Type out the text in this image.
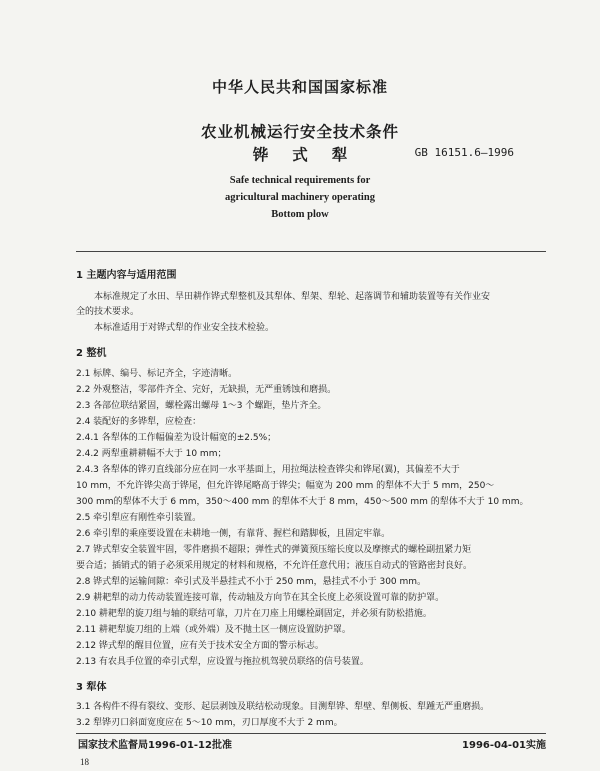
中华人民共和国国家标准
农业机械运行安全技术条件
铧 式 犁	GB 16151.6—1996
Safe technical requirements for
agricultural machinery operating
Bottom plow
1 主题内容与适用范围
本标准规定了水田、旱田耕作铧式犁整机及其犁体、犁架、犁轮、起落调节和辅助装置等有关作业安
全的技术要求。
本标准适用于对铧式犁的作业安全技术检验。
2 整机
2.1 标牌、编号、标记齐全，字迹清晰。
2.2 外观整洁，零部件齐全、完好，无缺损，无严重锈蚀和磨损。
2.3 各部位联结紧固，螺栓露出螺母 1～3 个螺距，垫片齐全。
2.4 装配好的多铧犁，应检查：
2.4.1 各犁体的工作幅偏差为设计幅宽的±2.5%；
2.4.2 两犁重耕耕幅不大于 10 mm；
2.4.3 各犁体的铧刃直线部分应在同一水平基面上，用拉绳法检查铧尖和铧尾(翼)，其偏差不大于
10 mm，不允许铧尖高于铧尾，但允许铧尾略高于铧尖；幅宽为 200 mm 的犁体不大于 5 mm，250～
300 mm的犁体不大于 6 mm，350～400 mm 的犁体不大于 8 mm，450～500 mm 的犁体不大于 10 mm。
2.5 牵引犁应有刚性牵引装置。
2.6 牵引犁的乘座要设置在未耕地一侧，有靠背、握栏和踏脚板，且固定牢靠。
2.7 铧式犁安全装置牢固，零件磨损不超限；弹性式的弹簧预压缩长度以及摩擦式的螺栓副扭紧力矩
要合适；插销式的销子必须采用规定的材料和规格，不允许任意代用；液压自动式的管路密封良好。
2.8 铧式犁的运输间隙：牵引式及半悬挂式不小于 250 mm，悬挂式不小于 300 mm。
2.9 耕耙犁的动力传动装置连接可靠，传动轴及方向节在其全长度上必须设置可靠的防护罩。
2.10 耕耙犁的旋刀组与轴的联结可靠，刀片在刀座上用螺栓副固定，并必须有防松措施。
2.11 耕耙犁旋刀组的上端（或外端）及不抛土区一侧应设置防护罩。
2.12 铧式犁的醒目位置，应有关于技术安全方面的警示标志。
2.13 有农具手位置的牵引式犁，应设置与拖拉机驾驶员联络的信号装置。
3 犁体
3.1 各构件不得有裂纹、变形、起层剥蚀及联结松动现象。目测犁铧、犁壁、犁侧板、犁踵无严重磨损。
3.2 犁铧刃口斜面宽度应在 5～10 mm，刃口厚度不大于 2 mm。
国家技术监督局1996-01-12批准	1996-04-01实施
18
